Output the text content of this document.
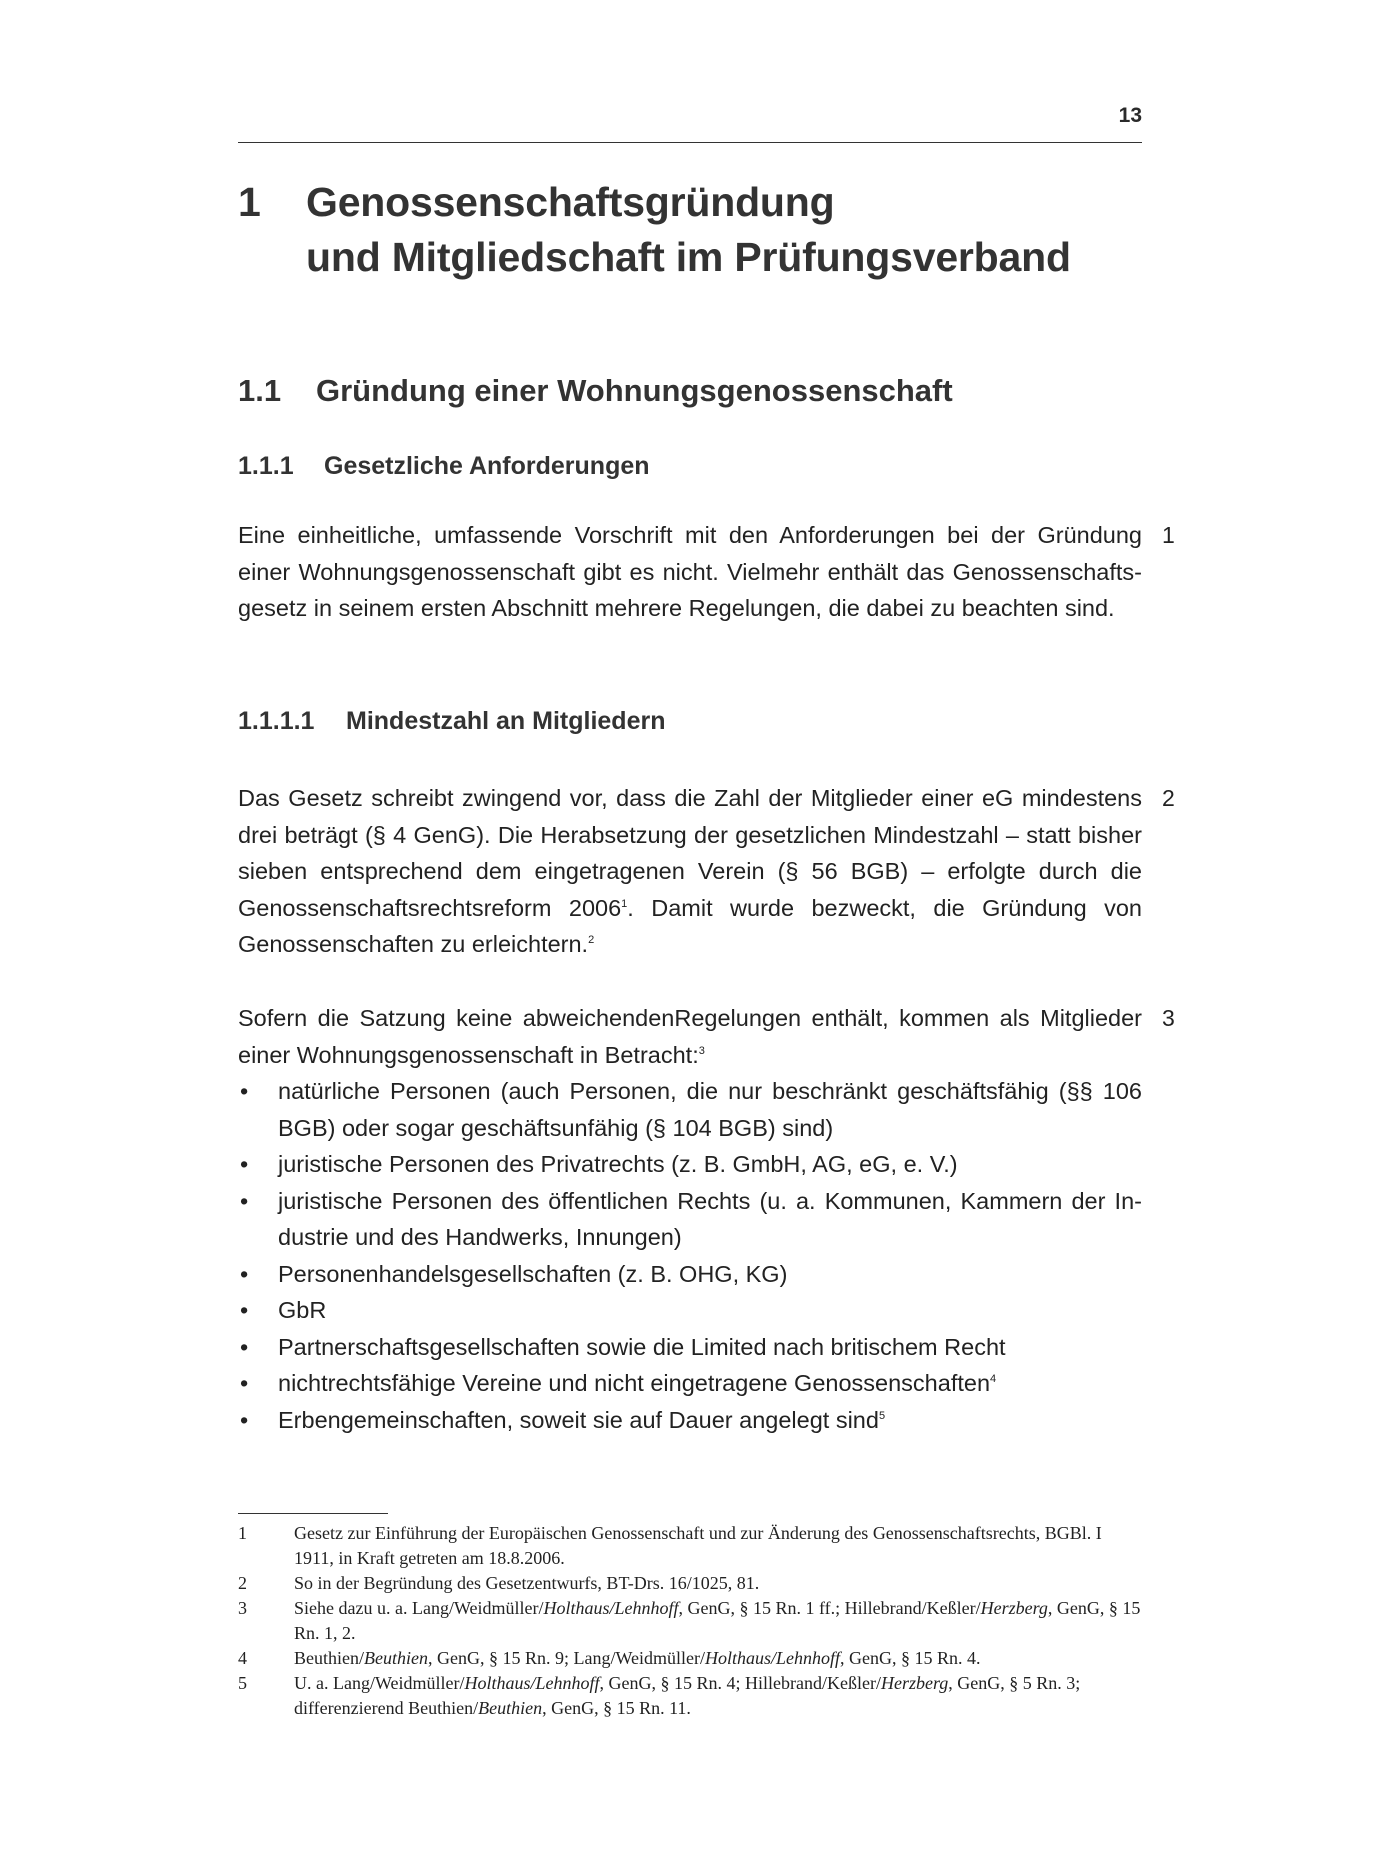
13
1 Genossenschaftsgründung
und Mitgliedschaft im Prüfungsverband
1.1 Gründung einer Wohnungsgenossenschaft
1.1.1 Gesetzliche Anforderungen
Eine einheitliche, umfassende Vorschrift mit den Anforderungen bei der Gründung einer Wohnungsgenossenschaft gibt es nicht. Vielmehr enthält das Genossenschaftsgesetz in seinem ersten Abschnitt mehrere Regelungen, die dabei zu beachten sind.
1
1.1.1.1 Mindestzahl an Mitgliedern
Das Gesetz schreibt zwingend vor, dass die Zahl der Mitglieder einer eG mindestens drei beträgt (§ 4 GenG). Die Herabsetzung der gesetzlichen Mindestzahl – statt bisher sieben entsprechend dem eingetragenen Verein (§ 56 BGB) – erfolgte durch die Genossenschaftsrechtsreform 2006$^1$. Damit wurde bezweckt, die Gründung von Genossenschaften zu erleichtern.$^2$
2
Sofern die Satzung keine abweichendenRegelungen enthält, kommen als Mitglieder einer Wohnungsgenossenschaft in Betracht:$^3$
• natürliche Personen (auch Personen, die nur beschränkt geschäftsfähig (§§ 106 BGB) oder sogar geschäftsunfähig (§ 104 BGB) sind)
• juristische Personen des Privatrechts (z. B. GmbH, AG, eG, e. V.)
• juristische Personen des öffentlichen Rechts (u. a. Kommunen, Kammern der Industrie und des Handwerks, Innungen)
• Personenhandelsgesellschaften (z. B. OHG, KG)
• GbR
• Partnerschaftsgesellschaften sowie die Limited nach britischem Recht
• nichtrechtsfähige Vereine und nicht eingetragene Genossenschaften$^4$
• Erbengemeinschaften, soweit sie auf Dauer angelegt sind$^5$
3
1	Gesetz zur Einführung der Europäischen Genossenschaft und zur Änderung des Genossenschaftsrechts, BGBl. I 1911, in Kraft getreten am 18.8.2006.
2	So in der Begründung des Gesetzentwurfs, BT-Drs. 16/1025, 81.
3	Siehe dazu u. a. Lang/Weidmüller/Holthaus/Lehnhoff, GenG, § 15 Rn. 1 ff.; Hillebrand/Keßler/Herzberg, GenG, § 15 Rn. 1, 2.
4	Beuthien/Beuthien, GenG, § 15 Rn. 9; Lang/Weidmüller/Holthaus/Lehnhoff, GenG, § 15 Rn. 4.
5	U. a. Lang/Weidmüller/Holthaus/Lehnhoff, GenG, § 15 Rn. 4; Hillebrand/Keßler/Herzberg, GenG, § 5 Rn. 3; differenzierend Beuthien/Beuthien, GenG, § 15 Rn. 11.
